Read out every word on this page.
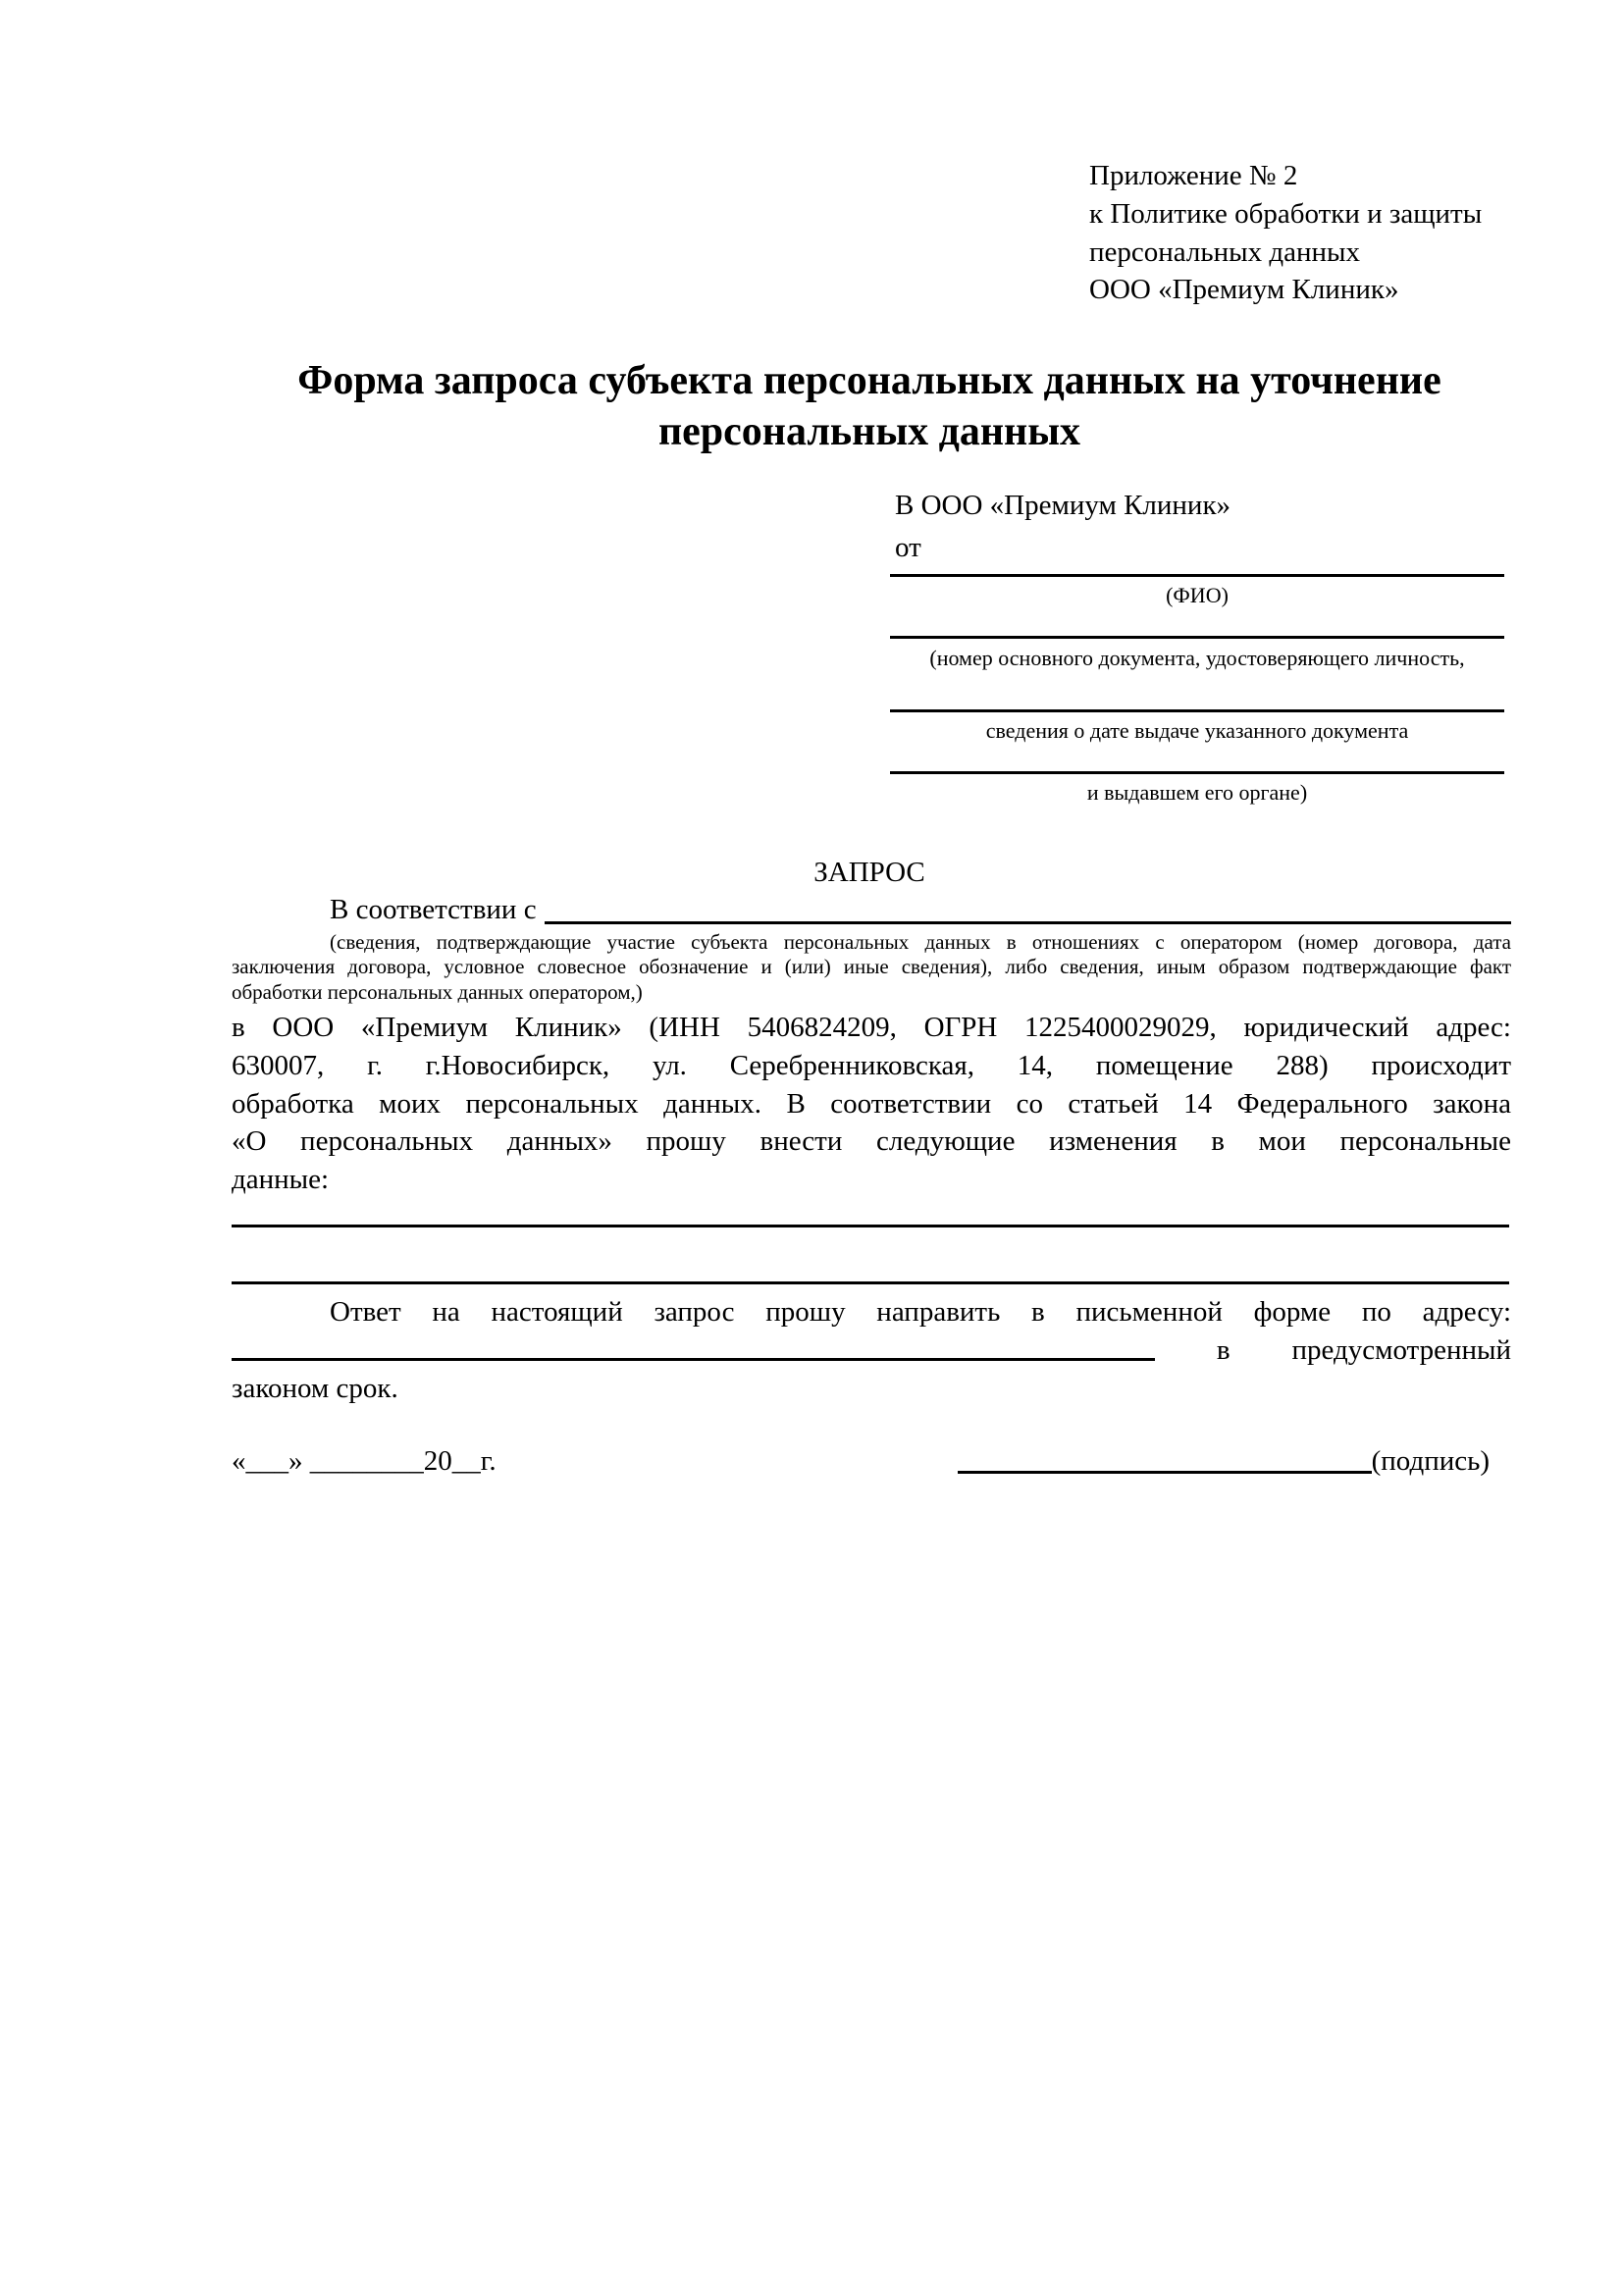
Приложение № 2
к Политике обработки и защиты
персональных данных
ООО «Премиум Клиник»
Форма запроса субъекта персональных данных на уточнение персональных данных
В ООО «Премиум Клиник»
от
(ФИО)
(номер основного документа, удостоверяющего личность,
сведения о дате выдаче указанного документа
и выдавшем его органе)
ЗАПРОС
В соответствии с
(сведения, подтверждающие участие субъекта персональных данных в отношениях с оператором (номер договора, дата
заключения договора, условное словесное обозначение и (или) иные сведения), либо сведения, иным образом подтверждающие факт
обработки персональных данных оператором,)
в ООО «Премиум Клиник» (ИНН 5406824209, ОГРН 1225400029029, юридический адрес:
630007, г. г.Новосибирск, ул. Серебренниковская, 14, помещение 288) происходит
обработка моих персональных данных. В соответствии со статьей 14 Федерального закона
«О персональных данных» прошу внести следующие изменения в мои персональные
данные:
Ответ на настоящий запрос прошу направить в письменной форме по адресу:
в предусмотренный
законом срок.
«___» ________20__г.	(подпись)
